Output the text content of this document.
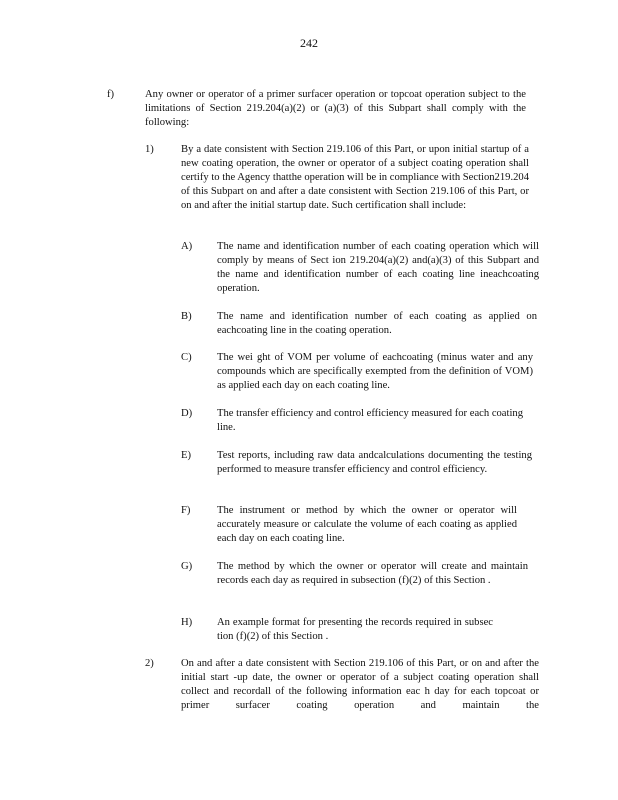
242
f)	Any owner or operator of a primer surfacer operation or topcoat operation subject to the limitations of Section 219.204(a)(2) or (a)(3) of this Subpart shall comply with the following:
1)	By a date consistent with Section 219.106 of this Part, or upon initial startup of a new coating operation, the owner or operator of a subject coating operation shall certify to the Agency thatthe operation will be in compliance with Section219.204 of this Subpart on and after a date consistent with Section 219.106 of this Part, or on and after the initial startup date. Such certification shall include:
A) The name and identification number of each coating operation which will comply by means of Sect ion 219.204(a)(2) and(a)(3) of this Subpart and the name and identification number of each coating line ineachcoating operation.
B) The name and identification number of each coating as applied on eachcoating line in the coating operation.
C) The wei ght of VOM per volume of eachcoating (minus water and any compounds which are specifically exempted from the definition of VOM) as applied each day on each coating line.
D) The transfer efficiency and control efficiency measured for each coating line.
E) Test reports, including raw data andcalculations documenting the testing performed to measure transfer efficiency and control efficiency.
F)	The instrument or method by which the owner or operator will accurately measure or calculate the volume of each coating as applied each day on each coating line.
G) The method by which the owner or operator will create and maintain records each day as required in subsection (f)(2) of this Section .
H) An example format for presenting the records required in subsec tion (f)(2) of this Section .
2)	On and after a date consistent with Section 219.106 of this Part, or on and after the initial start -up date, the owner or operator of a subject coating operation shall collect and recordall of the following information eac h day for each topcoat or primer surfacer coating operation and maintain the
